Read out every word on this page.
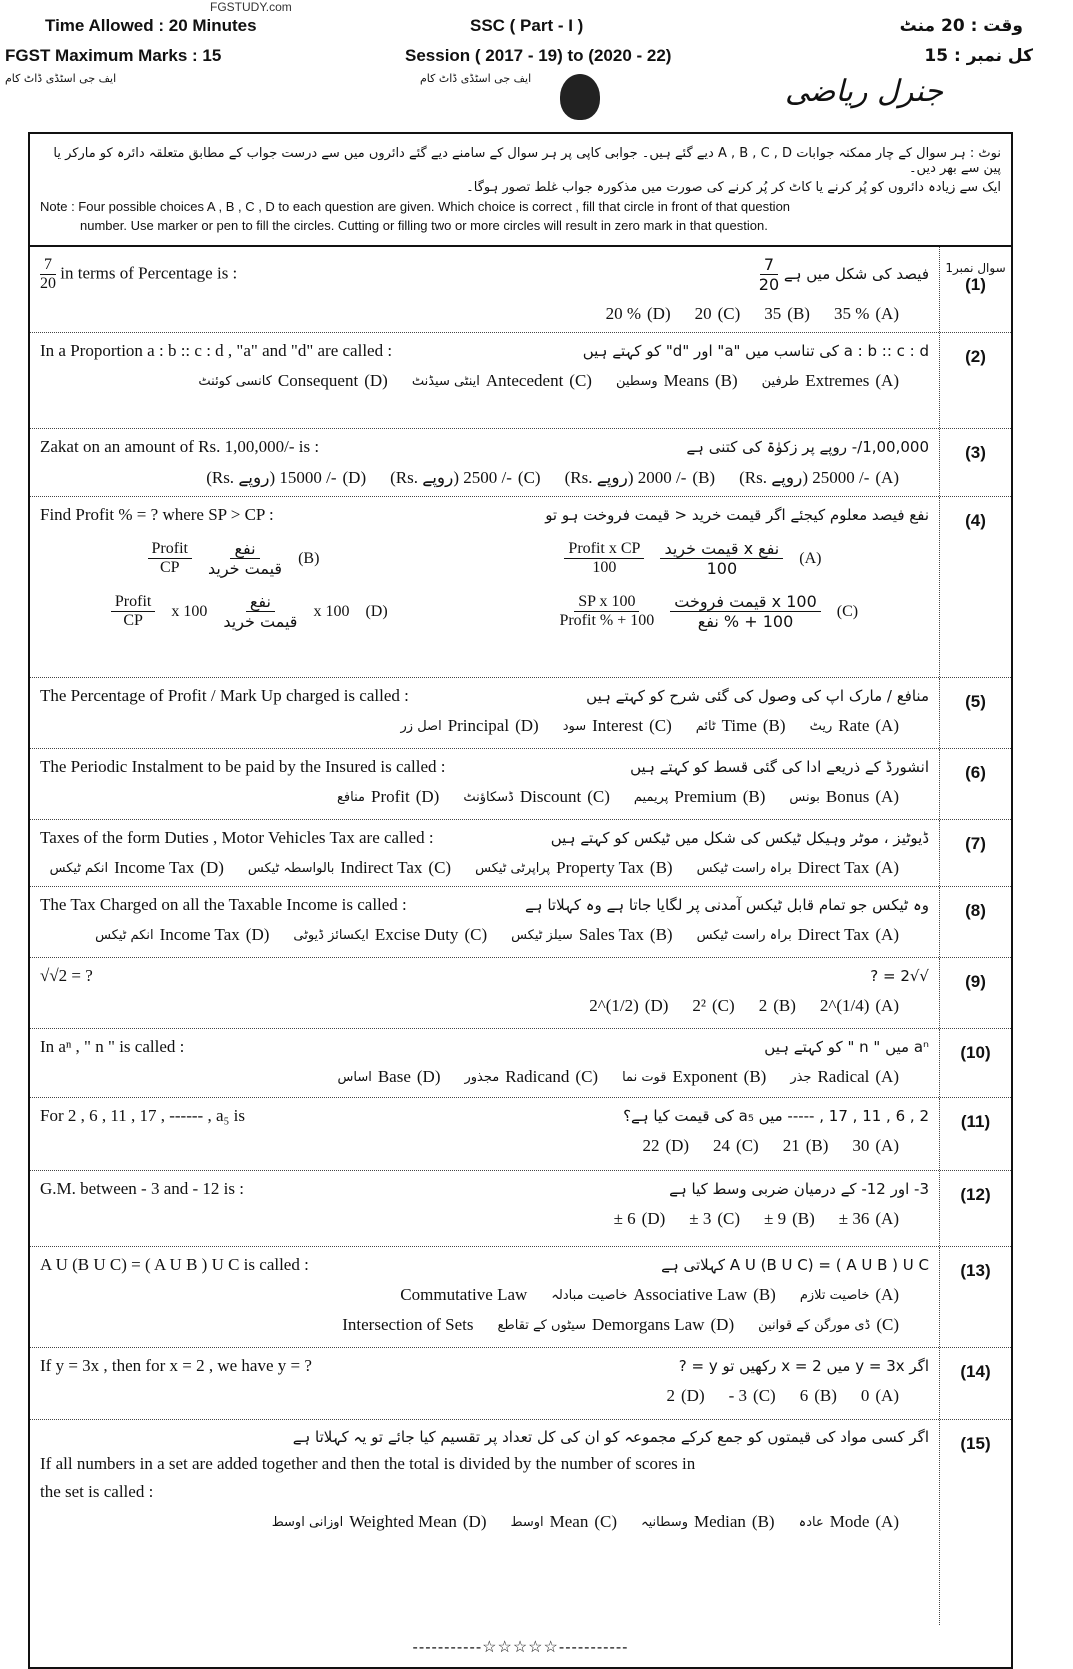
FGSTUDY.com
Time Allowed : 20 Minutes	SSC ( Part - I )	وقت : 20 منٹ
FGST Maximum Marks : 15	Session ( 2017 - 19) to (2020 - 22)	کل نمبر : 15
ایف جی اسٹڈی ڈاٹ کام	ایف جی اسٹڈی ڈاٹ کام	جنرل ریاضی
نوٹ : ہر سوال کے چار ممکنہ جوابات A , B , C , D دیے گئے ہیں۔ جوابی کاپی پر ہر سوال کے سامنے دیے گئے دائروں میں سے درست جواب کے مطابق متعلقہ دائرہ کو مارکر یا پین سے بھر دیں۔
ایک سے زیادہ دائروں کو پُر کرنے یا کاٹ کر پُر کرنے کی صورت میں مذکورہ جواب غلط تصور ہوگا۔
Note : Four possible choices A , B , C , D to each question are given. Which choice is correct , fill that circle in front of that question
number. Use marker or pen to fill the circles. Cutting or filling two or more circles will result in zero mark in that question.
$\frac{7}{20}$ in terms of Percentage is :	فیصد کی شکل میں ہے
$\frac{7}{20}$
35 % (A)
35 (B)
20 (C)
20 % (D)
سوال نمبر1
(1)
In a Proportion a : b :: c : d , "a" and "d" are called :	a : b :: c : d کی تناسب میں "a" اور "d" کو کہتے ہیں
طرفین Extremes (A)
وسطین Means (B)
اینٹی سیڈنٹ Antecedent (C)
کانسی کوئنٹ Consequent (D)
(2)
Zakat on an amount of Rs. 1,00,000/- is :	1,00,000/- روپے پر زکوٰۃ کی کتنی ہے
(Rs. روپے) 25000 /- (A)
(Rs. روپے) 2000 /- (B)
(Rs. روپے) 2500 /- (C)
(Rs. روپے) 15000 /- (D)
(3)
Find Profit % = ? where SP > CP :	نفع فیصد معلوم کیجئے اگر قیمت خرید < قیمت فروخت ہو تو
$\frac{\text{Profit}}{CP} \frac{\text{نفع}}{\text{قیمت خرید}} (B)$	$\frac{\text{Profit x CP}}{100} \frac{\text{نفع x قیمت خرید}}{100} (A)$
$\frac{\text{Profit}}{CP}$ x $100 \frac{\text{نفع}}{\text{قیمت خرید}}$ x 100 (D)	$\frac{\text{SP x 100}}{\text{Profit \% + 100}} \frac{\text{100 x قیمت فروخت}}{\text{100 + \% نفع}} (C)$
(4)
The Percentage of Profit / Mark Up charged is called :	منافع / مارک اپ کی وصول کی گئی شرح کو کہتے ہیں
ریٹ Rate (A)
ٹائم Time (B)
سود Interest (C)
اصل زر Principal (D)
(5)
The Periodic Instalment to be paid by the Insured is called :	انشورڈ کے ذریعے ادا کی گئی قسط کو کہتے ہیں
بونس Bonus (A)
پریمیم Premium (B)
ڈسکاؤنٹ Discount (C)
منافع Profit (D)
(6)
Taxes of the form Duties , Motor Vehicles Tax are called :	ڈیوٹیز ، موٹر وہیکل ٹیکس کی شکل میں ٹیکس کو کہتے ہیں
براہ راست ٹیکس Direct Tax (A)
پراپرٹی ٹیکس Property Tax (B)
بالواسطہ ٹیکس Indirect Tax (C)
انکم ٹیکس Income Tax (D)
(7)
The Tax Charged on all the Taxable Income is called :	وہ ٹیکس جو تمام قابل ٹیکس آمدنی پر لگایا جاتا ہے وہ کہلاتا ہے
براہ راست ٹیکس Direct Tax (A)
سیلز ٹیکس Sales Tax (B)
ایکسائز ڈیوٹی Excise Duty (C)
انکم ٹیکس Income Tax (D)
(8)
√√2 = ?	√√2 = ?
2^(1/4) (A)
2 (B)
2² (C)
2^(1/2) (D)
(9)
In aⁿ , " n " is called :	aⁿ میں " n " کو کہتے ہیں
جذر Radical (A)
قوت نما Exponent (B)
مجذور Radicand (C)
اساس Base (D)
(10)
For 2 , 6 , 11 , 17 , ------ , a₅ is	2 , 6 , 11 , 17 , ----- میں a₅ کی قیمت کیا ہے؟
30 (A)
21 (B)
24 (C)
22 (D)
(11)
G.M. between - 3 and - 12 is :	3- اور 12- کے درمیان ضربی وسط کیا ہے
± 36 (A)
± 9 (B)
± 3 (C)
± 6 (D)
(12)
A U (B U C) = ( A U B ) U C is called :	A U (B U C) = ( A U B ) U C کہلاتی ہے
خاصیت تلازم (A)
خاصیت مبادلہ Associative Law (B)
Commutative Law
ڈی مورگن کے قوانین (C)
سیٹوں کے تقاطع Demorgans Law (D)
Intersection of Sets
(13)
If y = 3x , then for x = 2 , we have y = ?	اگر y = 3x میں x = 2 رکھیں تو y = ?
0 (A)
6 (B)
- 3 (C)
2 (D)
(14)
اگر کسی مواد کی قیمتوں کو جمع کرکے مجموعہ کو ان کی کل تعداد پر تقسیم کیا جائے تو یہ کہلاتا ہے
If all numbers in a set are added together and then the total is divided by the number of scores in
the set is called :
عادہ Mode (A)
وسطانیہ Median (B)
اوسط Mean (C)
اوزانی اوسط Weighted Mean (D)
(15)
-----------☆☆☆☆☆-----------
